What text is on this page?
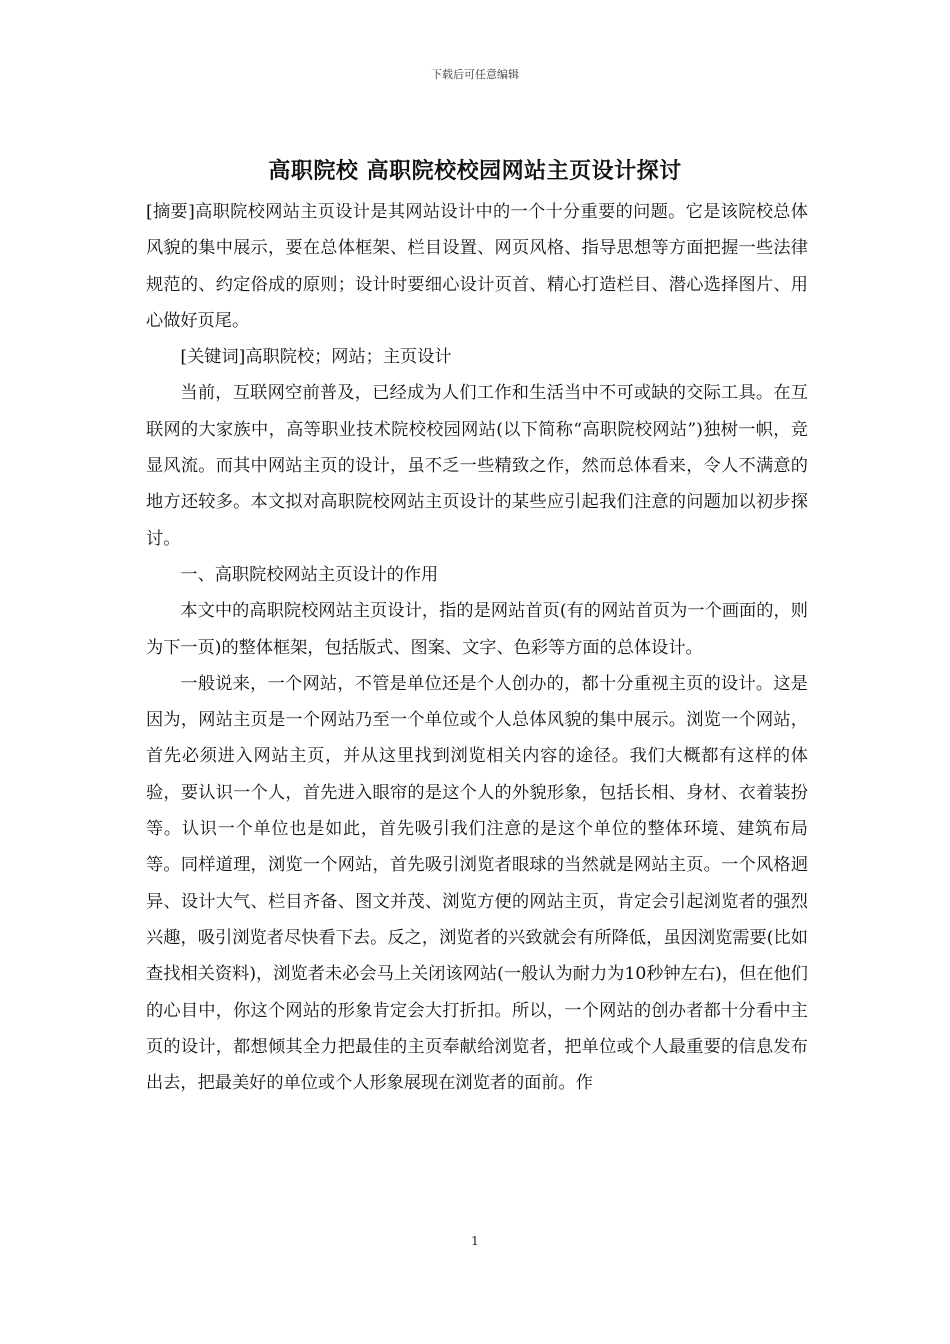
下载后可任意编辑
高职院校 高职院校校园网站主页设计探讨

[摘要]高职院校网站主页设计是其网站设计中的一个十分重要的问题。它是该院校总体风貌的集中展示，要在总体框架、栏目设置、网页风格、指导思想等方面把握一些法律规范的、约定俗成的原则；设计时要细心设计页首、精心打造栏目、潜心选择图片、用心做好页尾。

[关键词]高职院校；网站；主页设计

当前，互联网空前普及，已经成为人们工作和生活当中不可或缺的交际工具。在互联网的大家族中，高等职业技术院校校园网站(以下简称“高职院校网站”)独树一帜，竞显风流。而其中网站主页的设计，虽不乏一些精致之作，然而总体看来，令人不满意的地方还较多。本文拟对高职院校网站主页设计的某些应引起我们注意的问题加以初步探讨。

一、高职院校网站主页设计的作用

本文中的高职院校网站主页设计，指的是网站首页(有的网站首页为一个画面的，则为下一页)的整体框架，包括版式、图案、文字、色彩等方面的总体设计。

一般说来，一个网站，不管是单位还是个人创办的，都十分重视主页的设计。这是因为，网站主页是一个网站乃至一个单位或个人总体风貌的集中展示。浏览一个网站，首先必须进入网站主页，并从这里找到浏览相关内容的途径。我们大概都有这样的体验，要认识一个人，首先进入眼帘的是这个人的外貌形象，包括长相、身材、衣着装扮等。认识一个单位也是如此，首先吸引我们注意的是这个单位的整体环境、建筑布局等。同样道理，浏览一个网站，首先吸引浏览者眼球的当然就是网站主页。一个风格迥异、设计大气、栏目齐备、图文并茂、浏览方便的网站主页，肯定会引起浏览者的强烈兴趣，吸引浏览者尽快看下去。反之，浏览者的兴致就会有所降低，虽因浏览需要(比如查找相关资料)，浏览者未必会马上关闭该网站(一般认为耐力为10秒钟左右)，但在他们的心目中，你这个网站的形象肯定会大打折扣。所以，一个网站的创办者都十分看中主页的设计，都想倾其全力把最佳的主页奉献给浏览者，把单位或个人最重要的信息发布出去，把最美好的单位或个人形象展现在浏览者的面前。作

1
